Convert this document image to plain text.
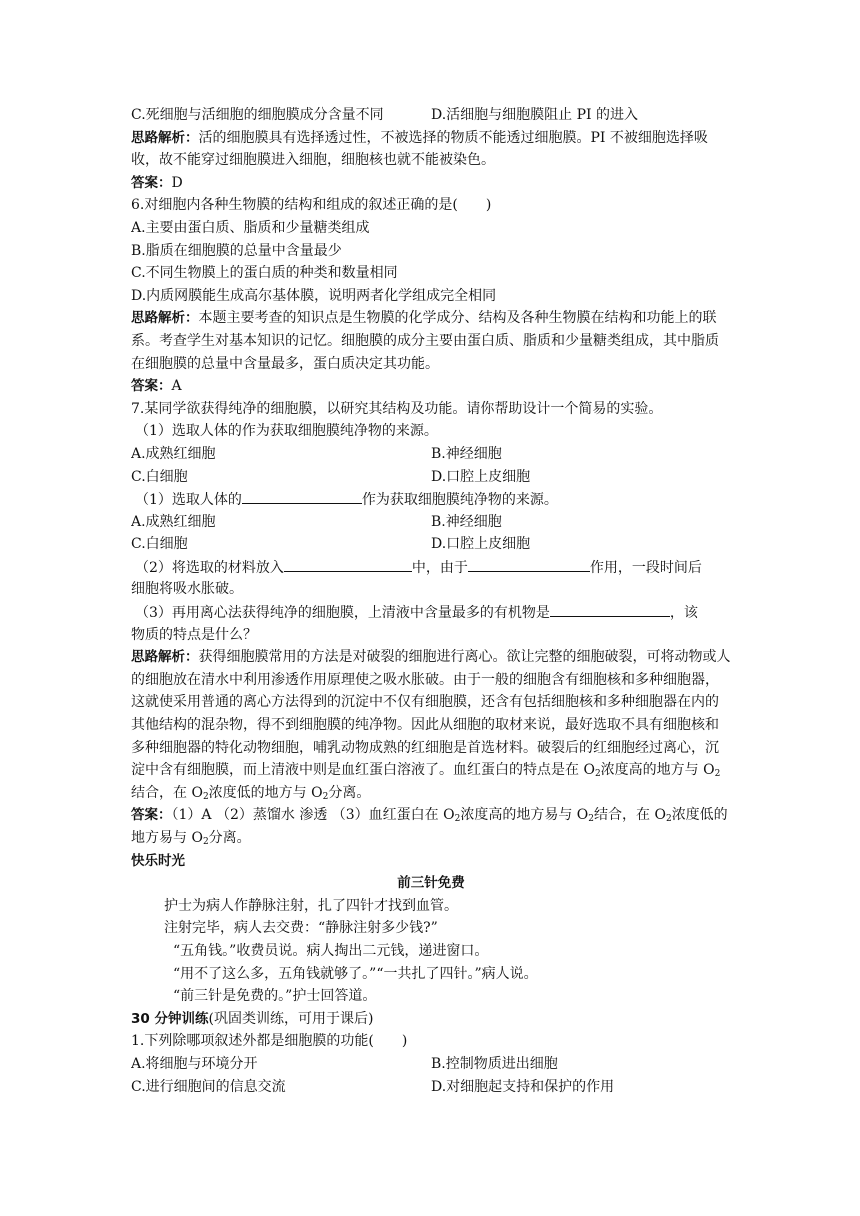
C.死细胞与活细胞的细胞膜成分含量不同	D.活细胞与细胞膜阻止 PI 的进入
思路解析：活的细胞膜具有选择透过性，不被选择的物质不能透过细胞膜。PI 不被细胞选择吸收，故不能穿过细胞膜进入细胞，细胞核也就不能被染色。
答案：D
6.对细胞内各种生物膜的结构和组成的叙述正确的是(　　)
A.主要由蛋白质、脂质和少量糖类组成
B.脂质在细胞膜的总量中含量最少
C.不同生物膜上的蛋白质的种类和数量相同
D.内质网膜能生成高尔基体膜，说明两者化学组成完全相同
思路解析：本题主要考查的知识点是生物膜的化学成分、结构及各种生物膜在结构和功能上的联系。考查学生对基本知识的记忆。细胞膜的成分主要由蛋白质、脂质和少量糖类组成，其中脂质在细胞膜的总量中含量最多，蛋白质决定其功能。
答案：A
7.某同学欲获得纯净的细胞膜，以研究其结构及功能。请你帮助设计一个简易的实验。
（1）选取人体的作为获取细胞膜纯净物的来源。
A.成熟红细胞	B.神经细胞
C.白细胞	D.口腔上皮细胞
（1）选取人体的	作为获取细胞膜纯净物的来源。
A.成熟红细胞	B.神经细胞
C.白细胞	D.口腔上皮细胞
（2）将选取的材料放入	中，由于	作用，一段时间后
细胞将吸水胀破。
（3）再用离心法获得纯净的细胞膜，上清液中含量最多的有机物是	，该
物质的特点是什么？
思路解析：获得细胞膜常用的方法是对破裂的细胞进行离心。欲让完整的细胞破裂，可将动物或人的细胞放在清水中利用渗透作用原理使之吸水胀破。由于一般的细胞含有细胞核和多种细胞器，这就使采用普通的离心方法得到的沉淀中不仅有细胞膜，还含有包括细胞核和多种细胞器在内的其他结构的混杂物，得不到细胞膜的纯净物。因此从细胞的取材来说，最好选取不具有细胞核和多种细胞器的特化动物细胞，哺乳动物成熟的红细胞是首选材料。破裂后的红细胞经过离心，沉淀中含有细胞膜，而上清液中则是血红蛋白溶液了。血红蛋白的特点是在 $O_2$浓度高的地方与 $O_2$结合，在 $O_2$浓度低的地方与 $O_2$分离。
答案：（1）A （2）蒸馏水 渗透 （3）血红蛋白在 $O_2$浓度高的地方易与 $O_2$结合，在 $O_2$浓度低的地方易与 $O_2$分离。
快乐时光
前三针免费
护士为病人作静脉注射，扎了四针才找到血管。
注射完毕，病人去交费：“静脉注射多少钱?”
“五角钱。”收费员说。病人掏出二元钱，递进窗口。
“用不了这么多，五角钱就够了。”“一共扎了四针。”病人说。
“前三针是免费的。”护士回答道。
30 分钟训练(巩固类训练，可用于课后)
1.下列除哪项叙述外都是细胞膜的功能(　　)
A.将细胞与环境分开	B.控制物质进出细胞
C.进行细胞间的信息交流	D.对细胞起支持和保护的作用
